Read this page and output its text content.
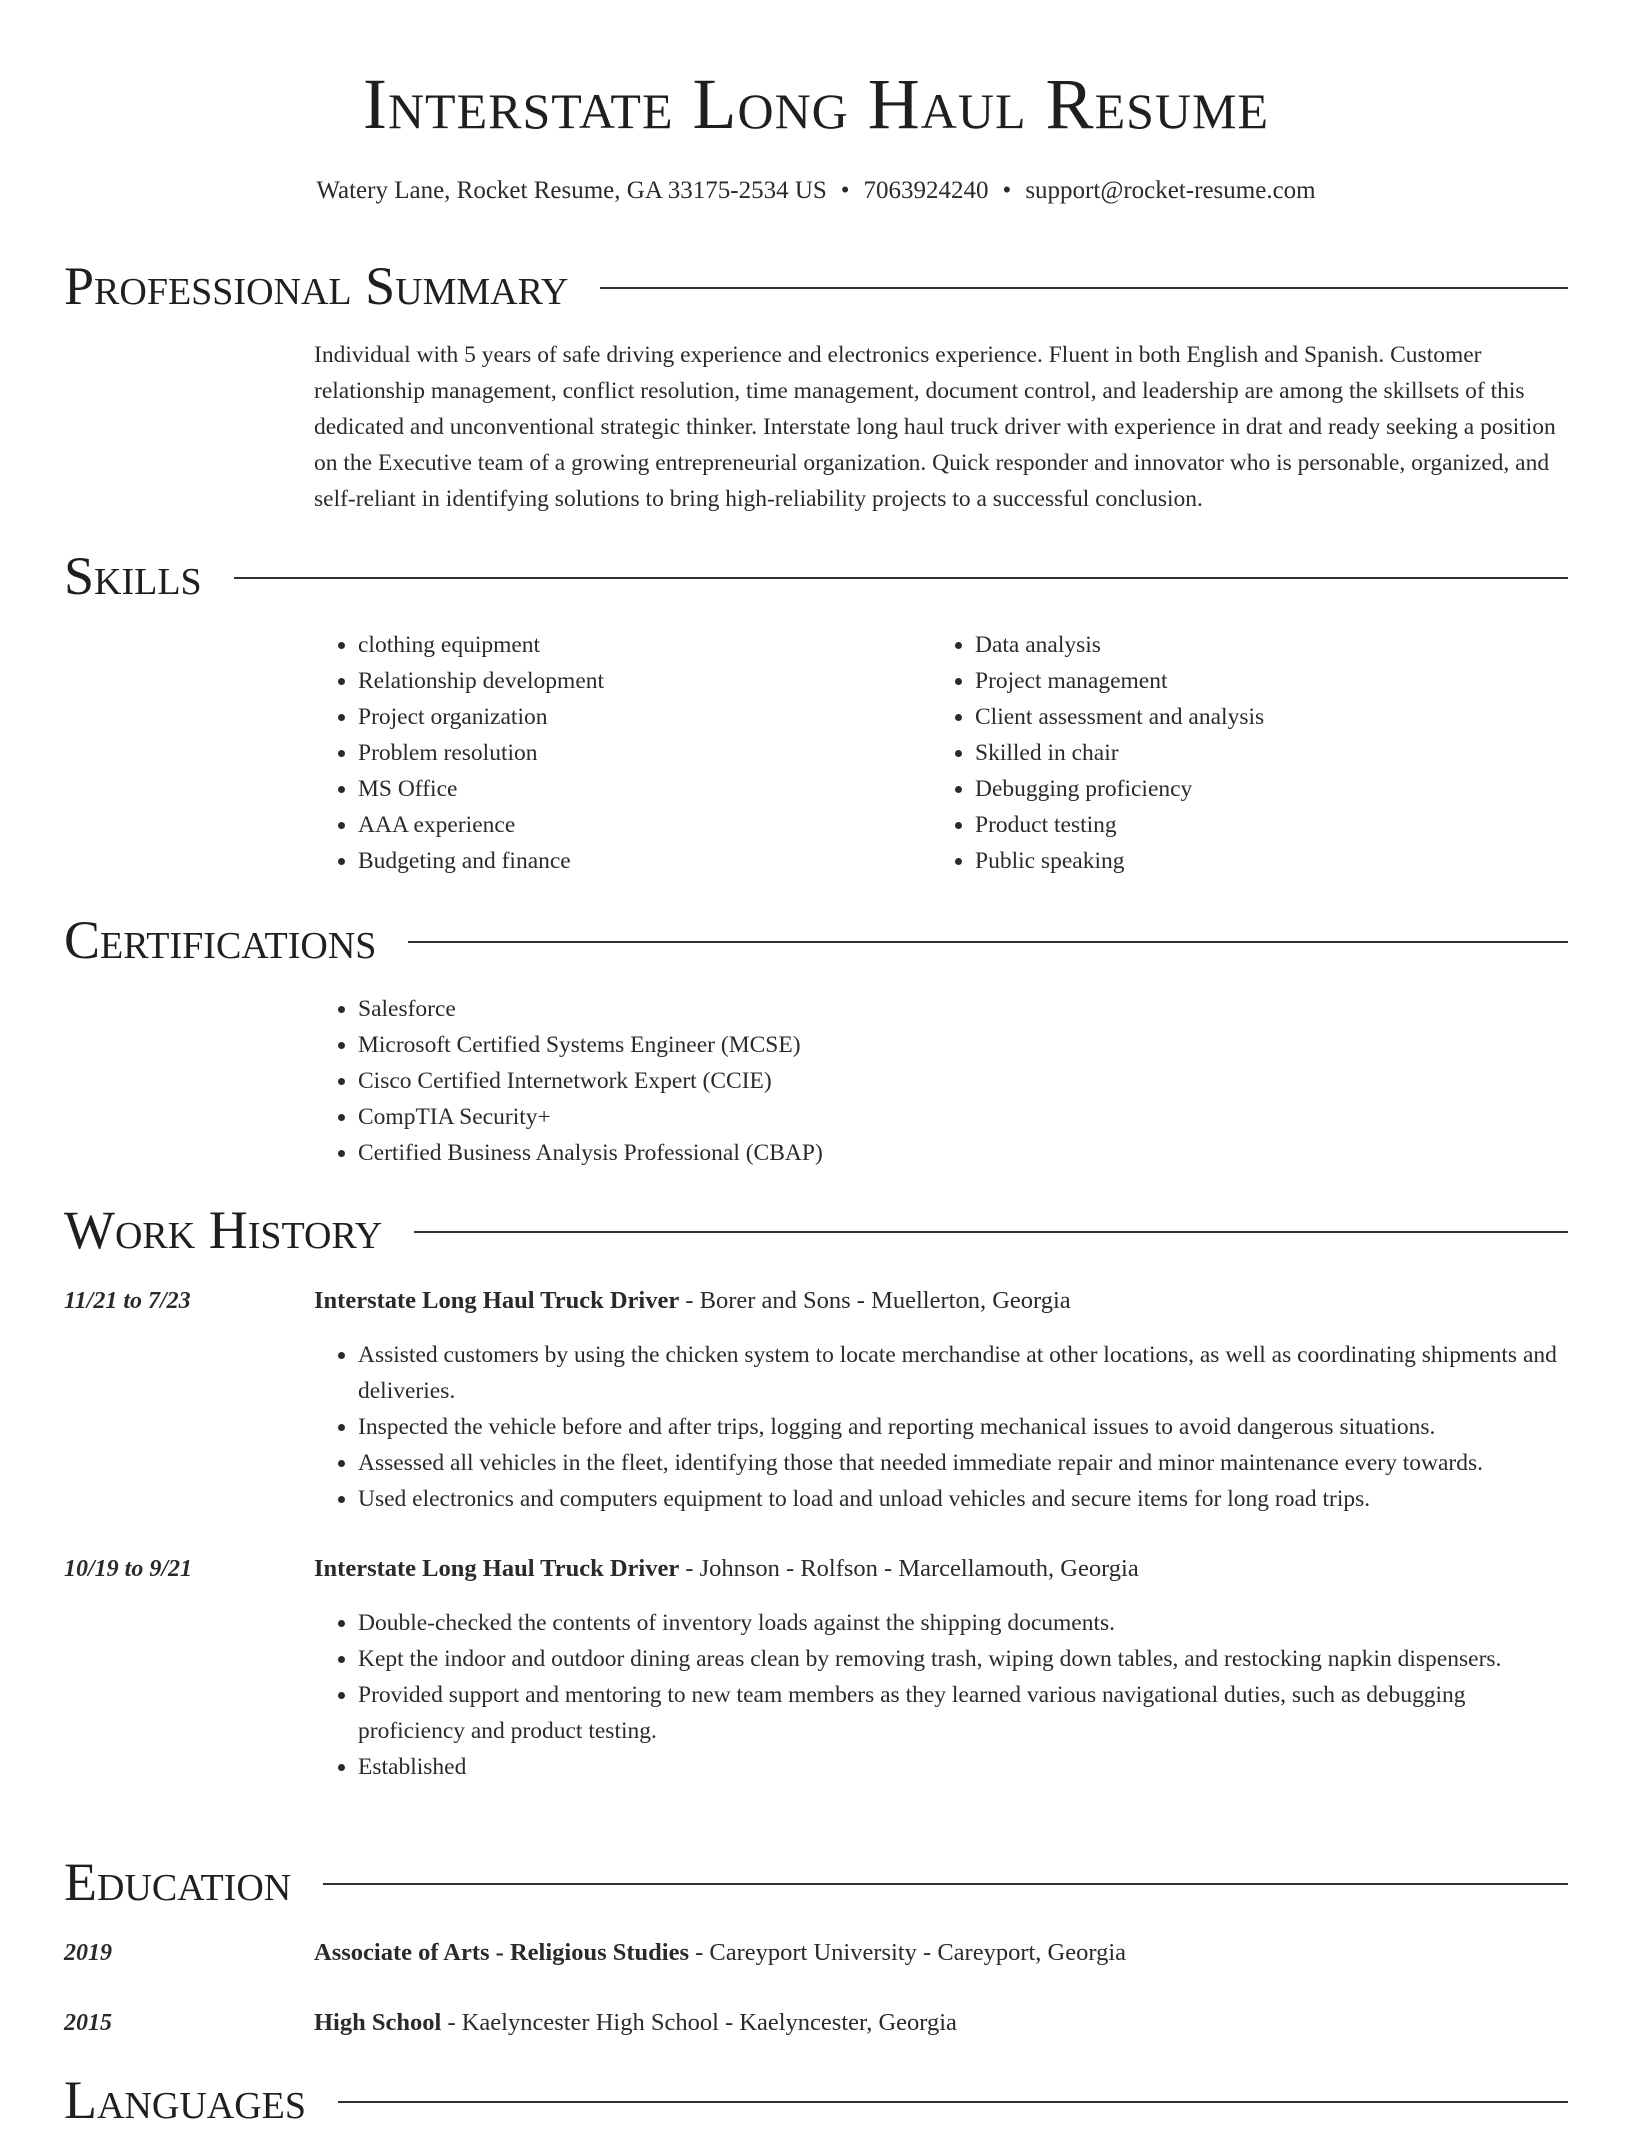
Interstate Long Haul Resume
Watery Lane, Rocket Resume, GA 33175-2534 US • 7063924240 • support@rocket-resume.com
Professional Summary
Individual with 5 years of safe driving experience and electronics experience. Fluent in both English and Spanish. Customer relationship management, conflict resolution, time management, document control, and leadership are among the skillsets of this dedicated and unconventional strategic thinker. Interstate long haul truck driver with experience in drat and ready seeking a position on the Executive team of a growing entrepreneurial organization. Quick responder and innovator who is personable, organized, and self-reliant in identifying solutions to bring high-reliability projects to a successful conclusion.
Skills
• clothing equipment
• Relationship development
• Project organization
• Problem resolution
• MS Office
• AAA experience
• Budgeting and finance
• Data analysis
• Project management
• Client assessment and analysis
• Skilled in chair
• Debugging proficiency
• Product testing
• Public speaking
Certifications
• Salesforce
• Microsoft Certified Systems Engineer (MCSE)
• Cisco Certified Internetwork Expert (CCIE)
• CompTIA Security+
• Certified Business Analysis Professional (CBAP)
Work History
11/21 to 7/23	Interstate Long Haul Truck Driver - Borer and Sons - Muellerton, Georgia
• Assisted customers by using the chicken system to locate merchandise at other locations, as well as coordinating shipments and deliveries.
• Inspected the vehicle before and after trips, logging and reporting mechanical issues to avoid dangerous situations.
• Assessed all vehicles in the fleet, identifying those that needed immediate repair and minor maintenance every towards.
• Used electronics and computers equipment to load and unload vehicles and secure items for long road trips.
10/19 to 9/21	Interstate Long Haul Truck Driver - Johnson - Rolfson - Marcellamouth, Georgia
• Double-checked the contents of inventory loads against the shipping documents.
• Kept the indoor and outdoor dining areas clean by removing trash, wiping down tables, and restocking napkin dispensers.
• Provided support and mentoring to new team members as they learned various navigational duties, such as debugging proficiency and product testing.
• Established
Education
2019	Associate of Arts - Religious Studies - Careyport University - Careyport, Georgia
2015	High School - Kaelyncester High School - Kaelyncester, Georgia
Languages
